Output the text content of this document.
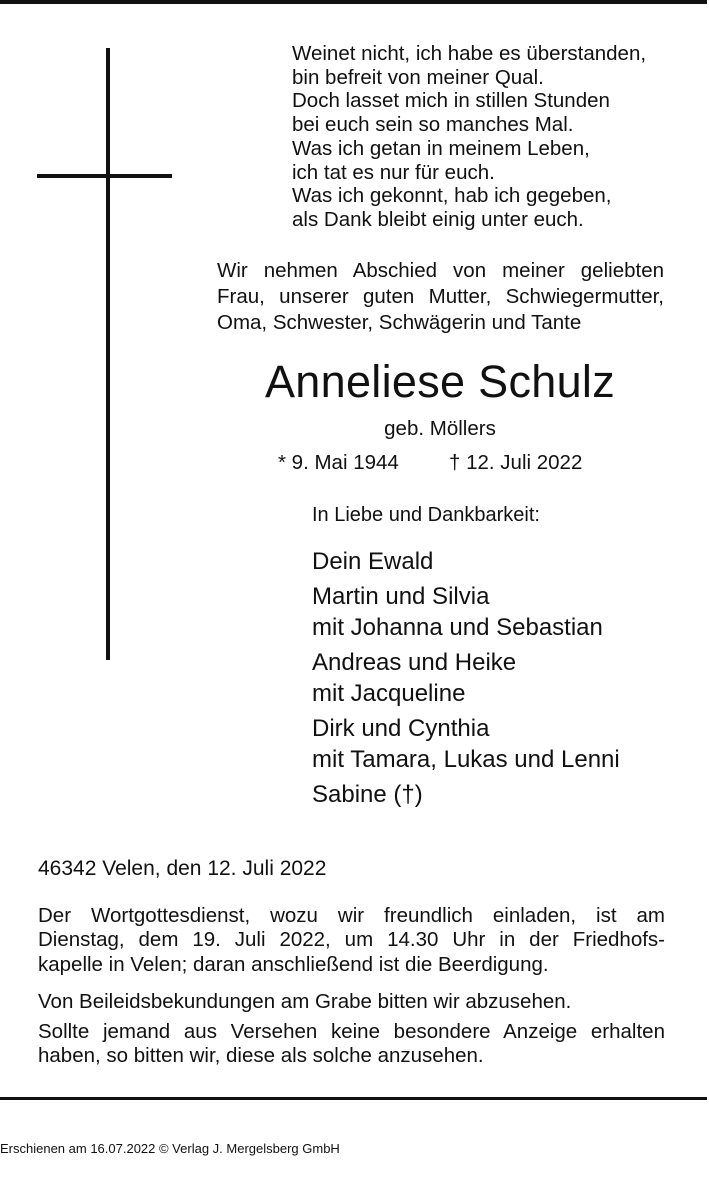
Weinet nicht, ich habe es überstanden,
bin befreit von meiner Qual.
Doch lasset mich in stillen Stunden
bei euch sein so manches Mal.
Was ich getan in meinem Leben,
ich tat es nur für euch.
Was ich gekonnt, hab ich gegeben,
als Dank bleibt einig unter euch.
Wir nehmen Abschied von meiner geliebten
Frau, unserer guten Mutter, Schwiegermutter,
Oma, Schwester, Schwägerin und Tante
Anneliese Schulz
geb. Möllers
* 9. Mai 1944 † 12. Juli 2022
In Liebe und Dankbarkeit:
Dein Ewald
Martin und Silvia
mit Johanna und Sebastian
Andreas und Heike
mit Jacqueline
Dirk und Cynthia
mit Tamara, Lukas und Lenni
Sabine (†)
46342 Velen, den 12. Juli 2022
Der Wortgottesdienst, wozu wir freundlich einladen, ist am
Dienstag, dem 19. Juli 2022, um 14.30 Uhr in der Friedhofs-
kapelle in Velen; daran anschließend ist die Beerdigung.
Von Beileidsbekundungen am Grabe bitten wir abzusehen.
Sollte jemand aus Versehen keine besondere Anzeige erhalten
haben, so bitten wir, diese als solche anzusehen.
Erschienen am 16.07.2022 © Verlag J. Mergelsberg GmbH
